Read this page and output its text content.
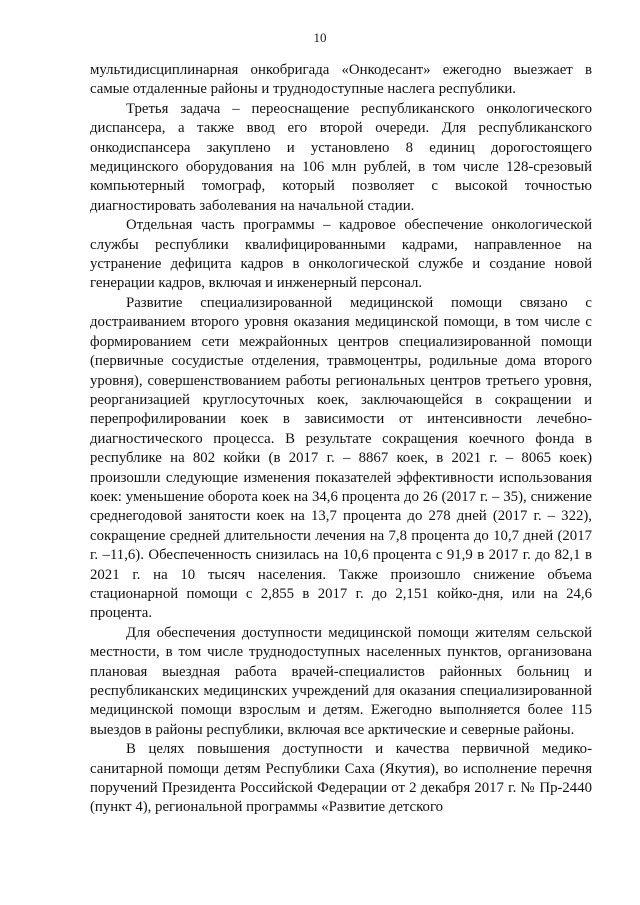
10

мультидисциплинарная онкобригада «Онкодесант» ежегодно выезжает в самые отдаленные районы и труднодоступные наслега республики.

Третья задача – переоснащение республиканского онкологического диспансера, а также ввод его второй очереди. Для республиканского онкодиспансера закуплено и установлено 8 единиц дорогостоящего медицинского оборудования на 106 млн рублей, в том числе 128-срезовый компьютерный томограф, который позволяет с высокой точностью диагностировать заболевания на начальной стадии.

Отдельная часть программы – кадровое обеспечение онкологической службы республики квалифицированными кадрами, направленное на устранение дефицита кадров в онкологической службе и создание новой генерации кадров, включая и инженерный персонал.

Развитие специализированной медицинской помощи связано с достраиванием второго уровня оказания медицинской помощи, в том числе с формированием сети межрайонных центров специализированной помощи (первичные сосудистые отделения, травмоцентры, родильные дома второго уровня), совершенствованием работы региональных центров третьего уровня, реорганизацией круглосуточных коек, заключающейся в сокращении и перепрофилировании коек в зависимости от интенсивности лечебно-диагностического процесса. В результате сокращения коечного фонда в республике на 802 койки (в 2017 г. – 8867 коек, в 2021 г. – 8065 коек) произошли следующие изменения показателей эффективности использования коек: уменьшение оборота коек на 34,6 процента до 26 (2017 г. – 35), снижение среднегодовой занятости коек на 13,7 процента до 278 дней (2017 г. – 322), сокращение средней длительности лечения на 7,8 процента до 10,7 дней (2017 г. –11,6). Обеспеченность снизилась на 10,6 процента с 91,9 в 2017 г. до 82,1 в 2021 г. на 10 тысяч населения. Также произошло снижение объема стационарной помощи с 2,855 в 2017 г. до 2,151 койко-дня, или на 24,6 процента.

Для обеспечения доступности медицинской помощи жителям сельской местности, в том числе труднодоступных населенных пунктов, организована плановая выездная работа врачей-специалистов районных больниц и республиканских медицинских учреждений для оказания специализированной медицинской помощи взрослым и детям. Ежегодно выполняется более 115 выездов в районы республики, включая все арктические и северные районы.

В целях повышения доступности и качества первичной медико-санитарной помощи детям Республики Саха (Якутия), во исполнение перечня поручений Президента Российской Федерации от 2 декабря 2017 г. № Пр-2440 (пункт 4), региональной программы «Развитие детского
